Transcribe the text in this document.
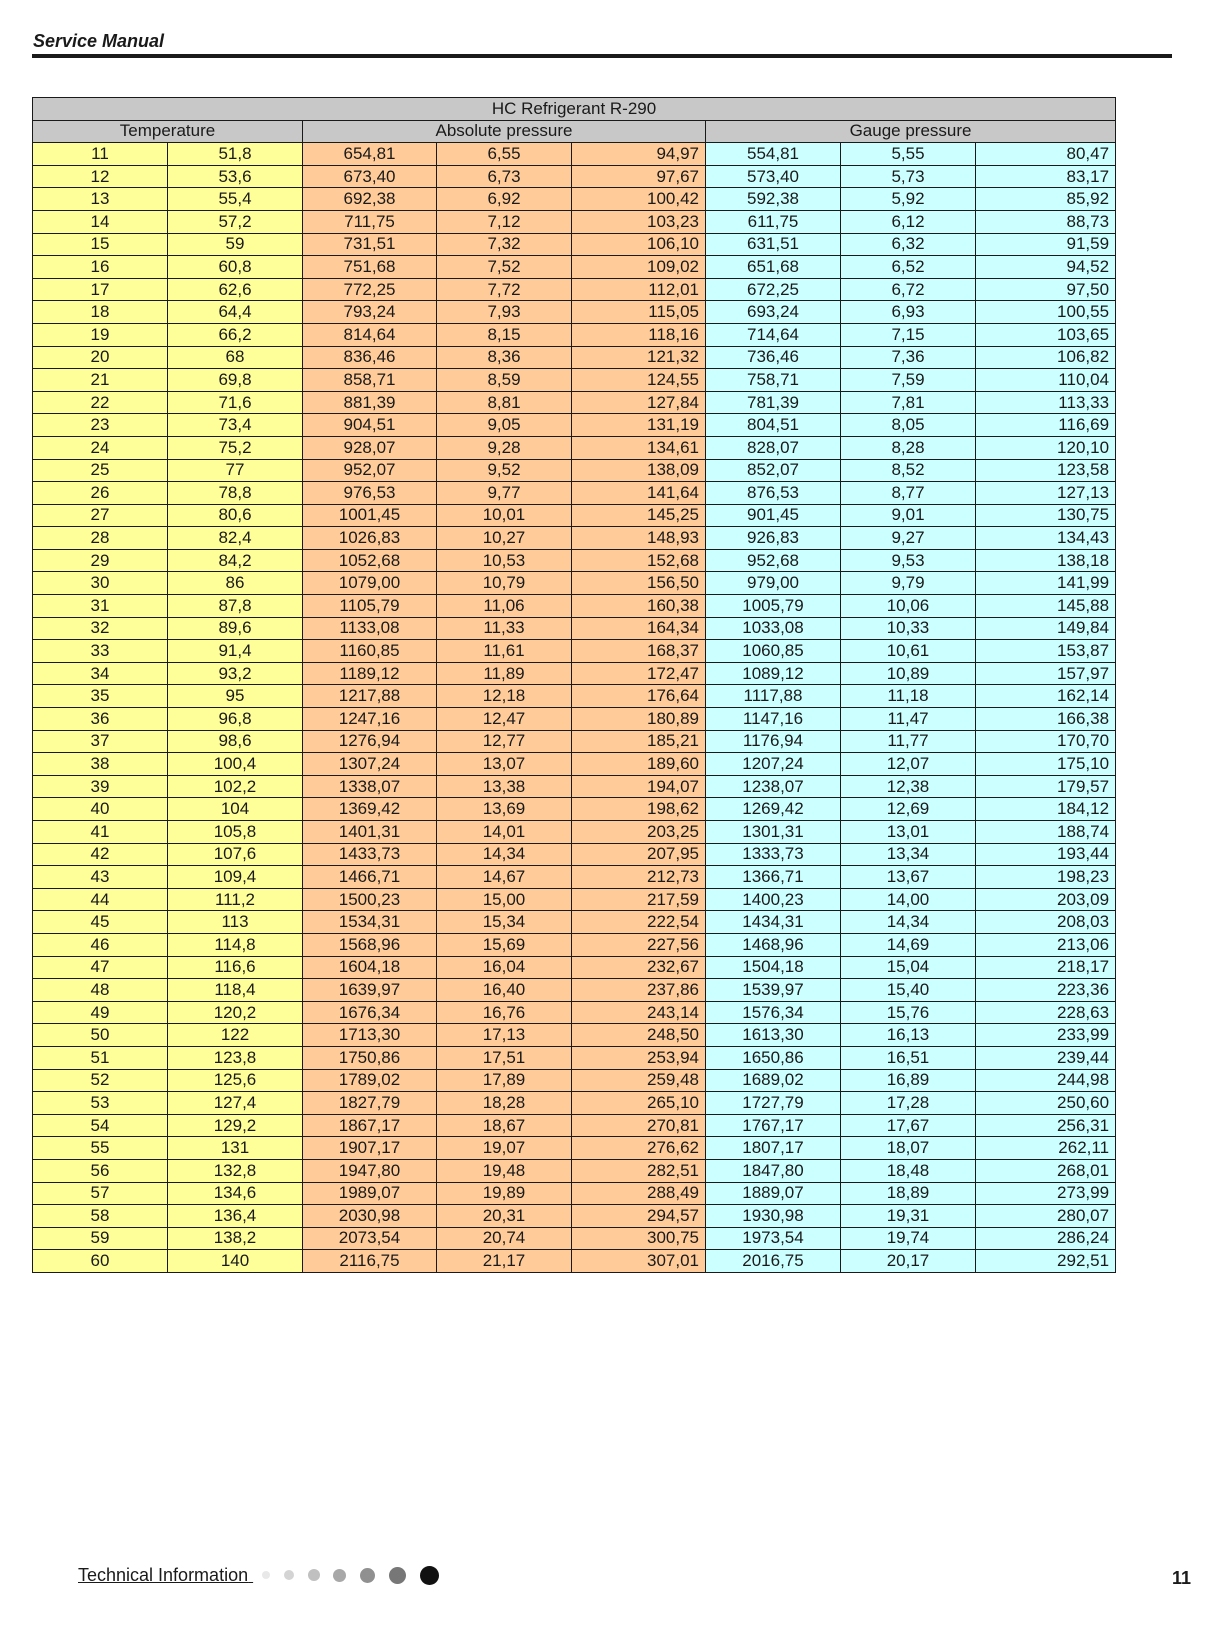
Service Manual
HC Refrigerant R-290							
Temperature		Absolute pressure			Gauge pressure		
11	51,8	654,81	6,55	94,97	554,81	5,55	80,47
12	53,6	673,40	6,73	97,67	573,40	5,73	83,17
13	55,4	692,38	6,92	100,42	592,38	5,92	85,92
14	57,2	711,75	7,12	103,23	611,75	6,12	88,73
15	59	731,51	7,32	106,10	631,51	6,32	91,59
16	60,8	751,68	7,52	109,02	651,68	6,52	94,52
17	62,6	772,25	7,72	112,01	672,25	6,72	97,50
18	64,4	793,24	7,93	115,05	693,24	6,93	100,55
19	66,2	814,64	8,15	118,16	714,64	7,15	103,65
20	68	836,46	8,36	121,32	736,46	7,36	106,82
21	69,8	858,71	8,59	124,55	758,71	7,59	110,04
22	71,6	881,39	8,81	127,84	781,39	7,81	113,33
23	73,4	904,51	9,05	131,19	804,51	8,05	116,69
24	75,2	928,07	9,28	134,61	828,07	8,28	120,10
25	77	952,07	9,52	138,09	852,07	8,52	123,58
26	78,8	976,53	9,77	141,64	876,53	8,77	127,13
27	80,6	1001,45	10,01	145,25	901,45	9,01	130,75
28	82,4	1026,83	10,27	148,93	926,83	9,27	134,43
29	84,2	1052,68	10,53	152,68	952,68	9,53	138,18
30	86	1079,00	10,79	156,50	979,00	9,79	141,99
31	87,8	1105,79	11,06	160,38	1005,79	10,06	145,88
32	89,6	1133,08	11,33	164,34	1033,08	10,33	149,84
33	91,4	1160,85	11,61	168,37	1060,85	10,61	153,87
34	93,2	1189,12	11,89	172,47	1089,12	10,89	157,97
35	95	1217,88	12,18	176,64	1117,88	11,18	162,14
36	96,8	1247,16	12,47	180,89	1147,16	11,47	166,38
37	98,6	1276,94	12,77	185,21	1176,94	11,77	170,70
38	100,4	1307,24	13,07	189,60	1207,24	12,07	175,10
39	102,2	1338,07	13,38	194,07	1238,07	12,38	179,57
40	104	1369,42	13,69	198,62	1269,42	12,69	184,12
41	105,8	1401,31	14,01	203,25	1301,31	13,01	188,74
42	107,6	1433,73	14,34	207,95	1333,73	13,34	193,44
43	109,4	1466,71	14,67	212,73	1366,71	13,67	198,23
44	111,2	1500,23	15,00	217,59	1400,23	14,00	203,09
45	113	1534,31	15,34	222,54	1434,31	14,34	208,03
46	114,8	1568,96	15,69	227,56	1468,96	14,69	213,06
47	116,6	1604,18	16,04	232,67	1504,18	15,04	218,17
48	118,4	1639,97	16,40	237,86	1539,97	15,40	223,36
49	120,2	1676,34	16,76	243,14	1576,34	15,76	228,63
50	122	1713,30	17,13	248,50	1613,30	16,13	233,99
51	123,8	1750,86	17,51	253,94	1650,86	16,51	239,44
52	125,6	1789,02	17,89	259,48	1689,02	16,89	244,98
53	127,4	1827,79	18,28	265,10	1727,79	17,28	250,60
54	129,2	1867,17	18,67	270,81	1767,17	17,67	256,31
55	131	1907,17	19,07	276,62	1807,17	18,07	262,11
56	132,8	1947,80	19,48	282,51	1847,80	18,48	268,01
57	134,6	1989,07	19,89	288,49	1889,07	18,89	273,99
58	136,4	2030,98	20,31	294,57	1930,98	19,31	280,07
59	138,2	2073,54	20,74	300,75	1973,54	19,74	286,24
60	140	2116,75	21,17	307,01	2016,75	20,17	292,51
Technical Information	11
